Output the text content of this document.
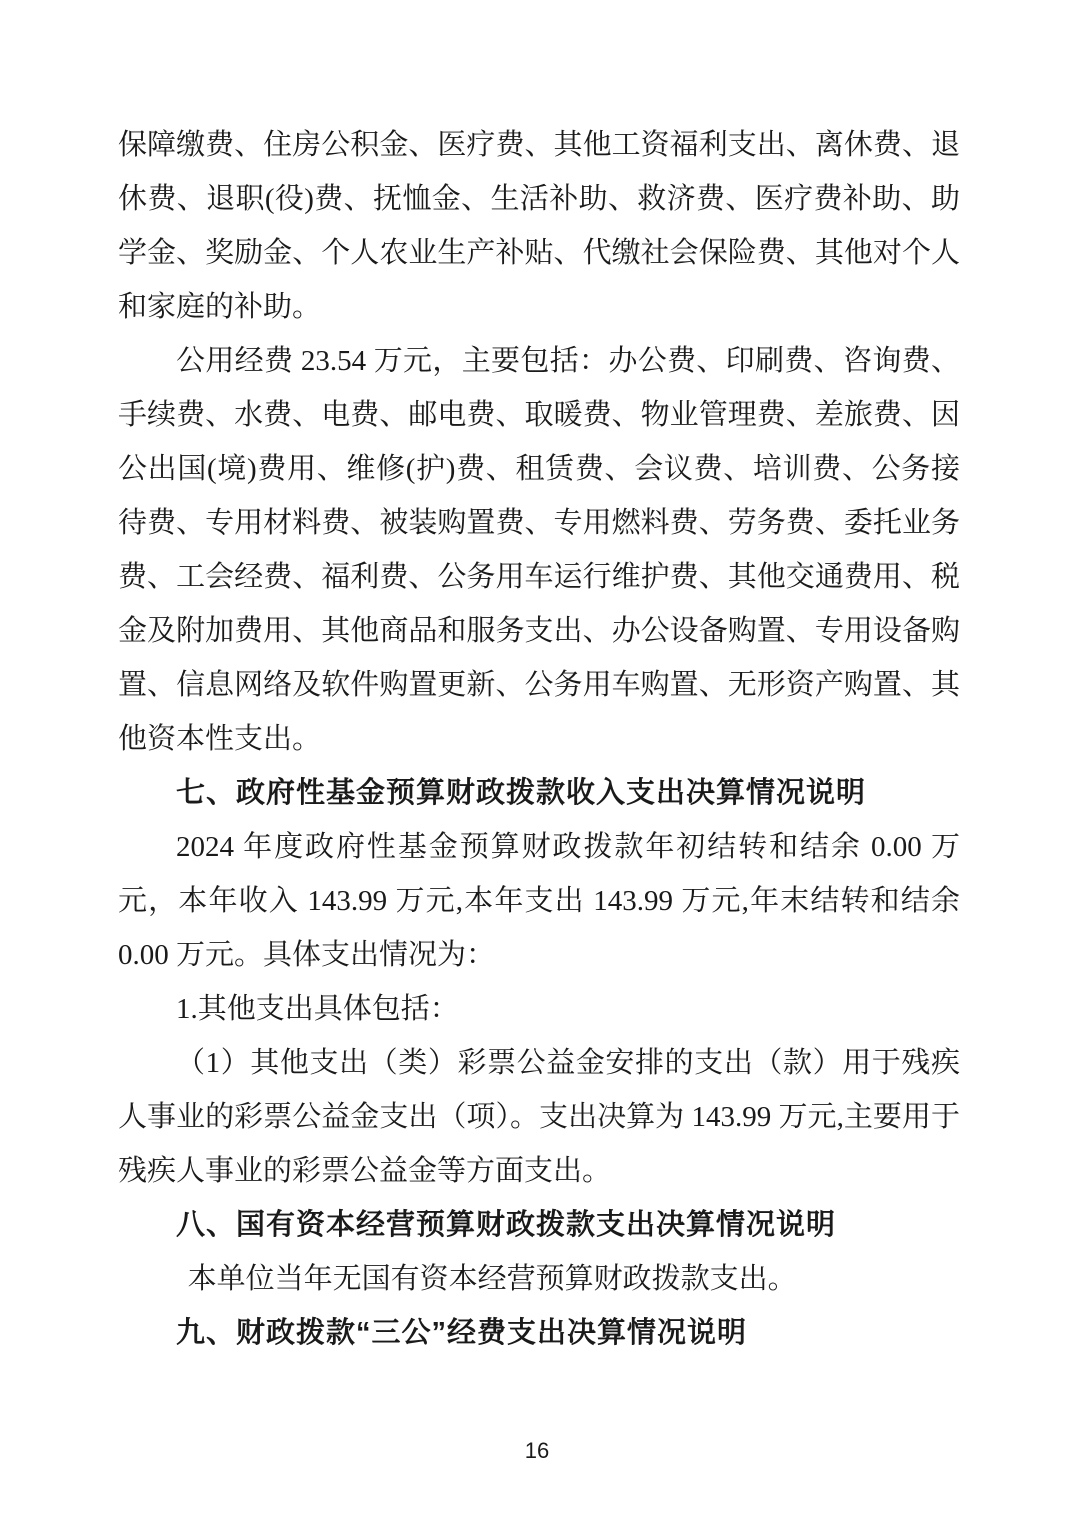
保障缴费、住房公积金、医疗费、其他工资福利支出、离休费、退休费、退职(役)费、抚恤金、生活补助、救济费、医疗费补助、助学金、奖励金、个人农业生产补贴、代缴社会保险费、其他对个人和家庭的补助。

公用经费 23.54 万元，主要包括：办公费、印刷费、咨询费、手续费、水费、电费、邮电费、取暖费、物业管理费、差旅费、因公出国(境)费用、维修(护)费、租赁费、会议费、培训费、公务接待费、专用材料费、被装购置费、专用燃料费、劳务费、委托业务费、工会经费、福利费、公务用车运行维护费、其他交通费用、税金及附加费用、其他商品和服务支出、办公设备购置、专用设备购置、信息网络及软件购置更新、公务用车购置、无形资产购置、其他资本性支出。

七、政府性基金预算财政拨款收入支出决算情况说明

2024 年度政府性基金预算财政拨款年初结转和结余 0.00 万元，本年收入 143.99 万元,本年支出 143.99 万元,年末结转和结余 0.00 万元。具体支出情况为：

1.其他支出具体包括：

（1）其他支出（类）彩票公益金安排的支出（款）用于残疾人事业的彩票公益金支出（项）。支出决算为 143.99 万元,主要用于残疾人事业的彩票公益金等方面支出。

八、国有资本经营预算财政拨款支出决算情况说明

本单位当年无国有资本经营预算财政拨款支出。

九、财政拨款“三公”经费支出决算情况说明

16
